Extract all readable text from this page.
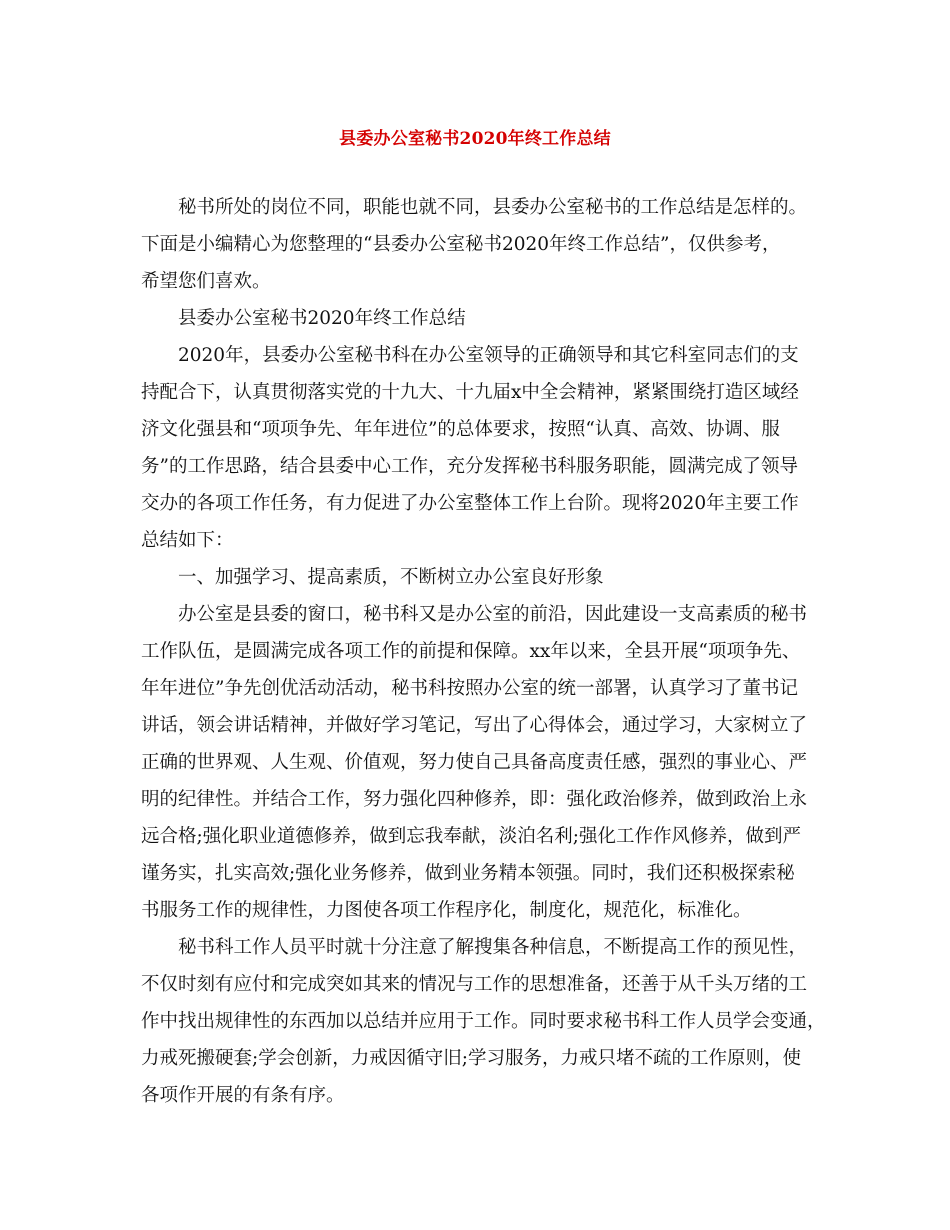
县委办公室秘书2020年终工作总结
秘书所处的岗位不同，职能也就不同，县委办公室秘书的工作总结是怎样的。
下面是小编精心为您整理的“县委办公室秘书2020年终工作总结”，仅供参考，
希望您们喜欢。
县委办公室秘书2020年终工作总结
2020年，县委办公室秘书科在办公室领导的正确领导和其它科室同志们的支
持配合下，认真贯彻落实党的十九大、十九届x中全会精神，紧紧围绕打造区域经
济文化强县和“项项争先、年年进位”的总体要求，按照“认真、高效、协调、服
务”的工作思路，结合县委中心工作，充分发挥秘书科服务职能，圆满完成了领导
交办的各项工作任务，有力促进了办公室整体工作上台阶。现将2020年主要工作
总结如下：
一、加强学习、提高素质，不断树立办公室良好形象
办公室是县委的窗口，秘书科又是办公室的前沿，因此建设一支高素质的秘书
工作队伍，是圆满完成各项工作的前提和保障。xx年以来，全县开展“项项争先、
年年进位”争先创优活动活动，秘书科按照办公室的统一部署，认真学习了董书记
讲话，领会讲话精神，并做好学习笔记，写出了心得体会，通过学习，大家树立了
正确的世界观、人生观、价值观，努力使自己具备高度责任感，强烈的事业心、严
明的纪律性。并结合工作，努力强化四种修养，即：强化政治修养，做到政治上永
远合格;强化职业道德修养，做到忘我奉献，淡泊名利;强化工作作风修养，做到严
谨务实，扎实高效;强化业务修养，做到业务精本领强。同时，我们还积极探索秘
书服务工作的规律性，力图使各项工作程序化，制度化，规范化，标准化。
秘书科工作人员平时就十分注意了解搜集各种信息，不断提高工作的预见性，
不仅时刻有应付和完成突如其来的情况与工作的思想准备，还善于从千头万绪的工
作中找出规律性的东西加以总结并应用于工作。同时要求秘书科工作人员学会变通，
力戒死搬硬套;学会创新，力戒因循守旧;学习服务，力戒只堵不疏的工作原则，使
各项作开展的有条有序。
